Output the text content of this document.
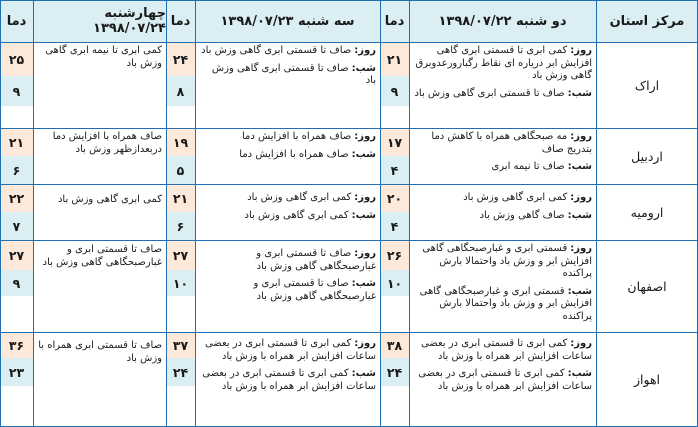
مرکز استان
دو شنبه ۱۳۹۸/۰۷/۲۲
دما
سه شنبه ۱۳۹۸/۰۷/۲۳
دما
چهارشنبه ۱۳۹۸/۰۷/۲۴
دما
اراک

روز:کمی ابری تا قسمتی ابری گاهی افزایش ابر دریاره ای نقاط رگبارورعدوبرق گاهی وزش باد

شب:صاف تا قسمتی ابری گاهی وزش باد

۲۱
۹

روز:صاف تا قسمتی ابری گاهی وزش باد

شب:صاف تا قسمتی ابری گاهی وزش باد

۲۴
۸
کمی ابری تا نیمه ابری گاهی وزش باد
۲۵
۹
اردبیل

روز:مه صبحگاهی همراه با کاهش دما بتدریج صاف

شب:صاف تا نیمه ابری

۱۷
۴

روز:صاف همراه با افزایش دما

شب:صاف همراه با افزایش دما

۱۹
۵
صاف همراه با افزایش دما دربعدازظهر وزش باد
۲۱
۶
ارومیه

روز:کمی ابری گاهی وزش باد

شب:صاف گاهی وزش باد

۲۰
۴

روز:کمی ابری گاهی وزش باد

شب:کمی ابری گاهی وزش باد

۲۱
۶
کمی ابری گاهی وزش باد
۲۲
۷
اصفهان

روز:قسمتی ابری و غبارصبحگاهی گاهی افزایش ابر و وزش باد واحتمالا بارش پراکنده

شب:قسمتی ابری و غبارصبحگاهی گاهی افزایش ابر و وزش باد واحتمالا بارش پراکنده

۲۶
۱۰

روز:صاف تا قسمتی ابری و غبارصبحگاهی گاهی وزش باد

شب:صاف تا قسمتی ابری و غبارصبحگاهی گاهی وزش باد

۲۷
۱۰
صاف تا قسمتی ابری و غبارصبحگاهی گاهی وزش باد
۲۷
۹
اهواز

روز:کمی ابری تا قسمتی ابری در بعضی ساعات افزایش ابر همراه با وزش باد

شب:کمی ابری تا قسمتی ابری در بعضی ساعات افزایش ابر همراه با وزش باد

۳۸
۲۴

روز:کمی ابری تا قسمتی ابری در بعضی ساعات افزایش ابر همراه با وزش باد

شب:کمی ابری تا قسمتی ابری در بعضی ساعات افزایش ابر همراه با وزش باد

۳۷
۲۴
صاف تا قسمتی ابری همراه با وزش باد
۳۶
۲۳
